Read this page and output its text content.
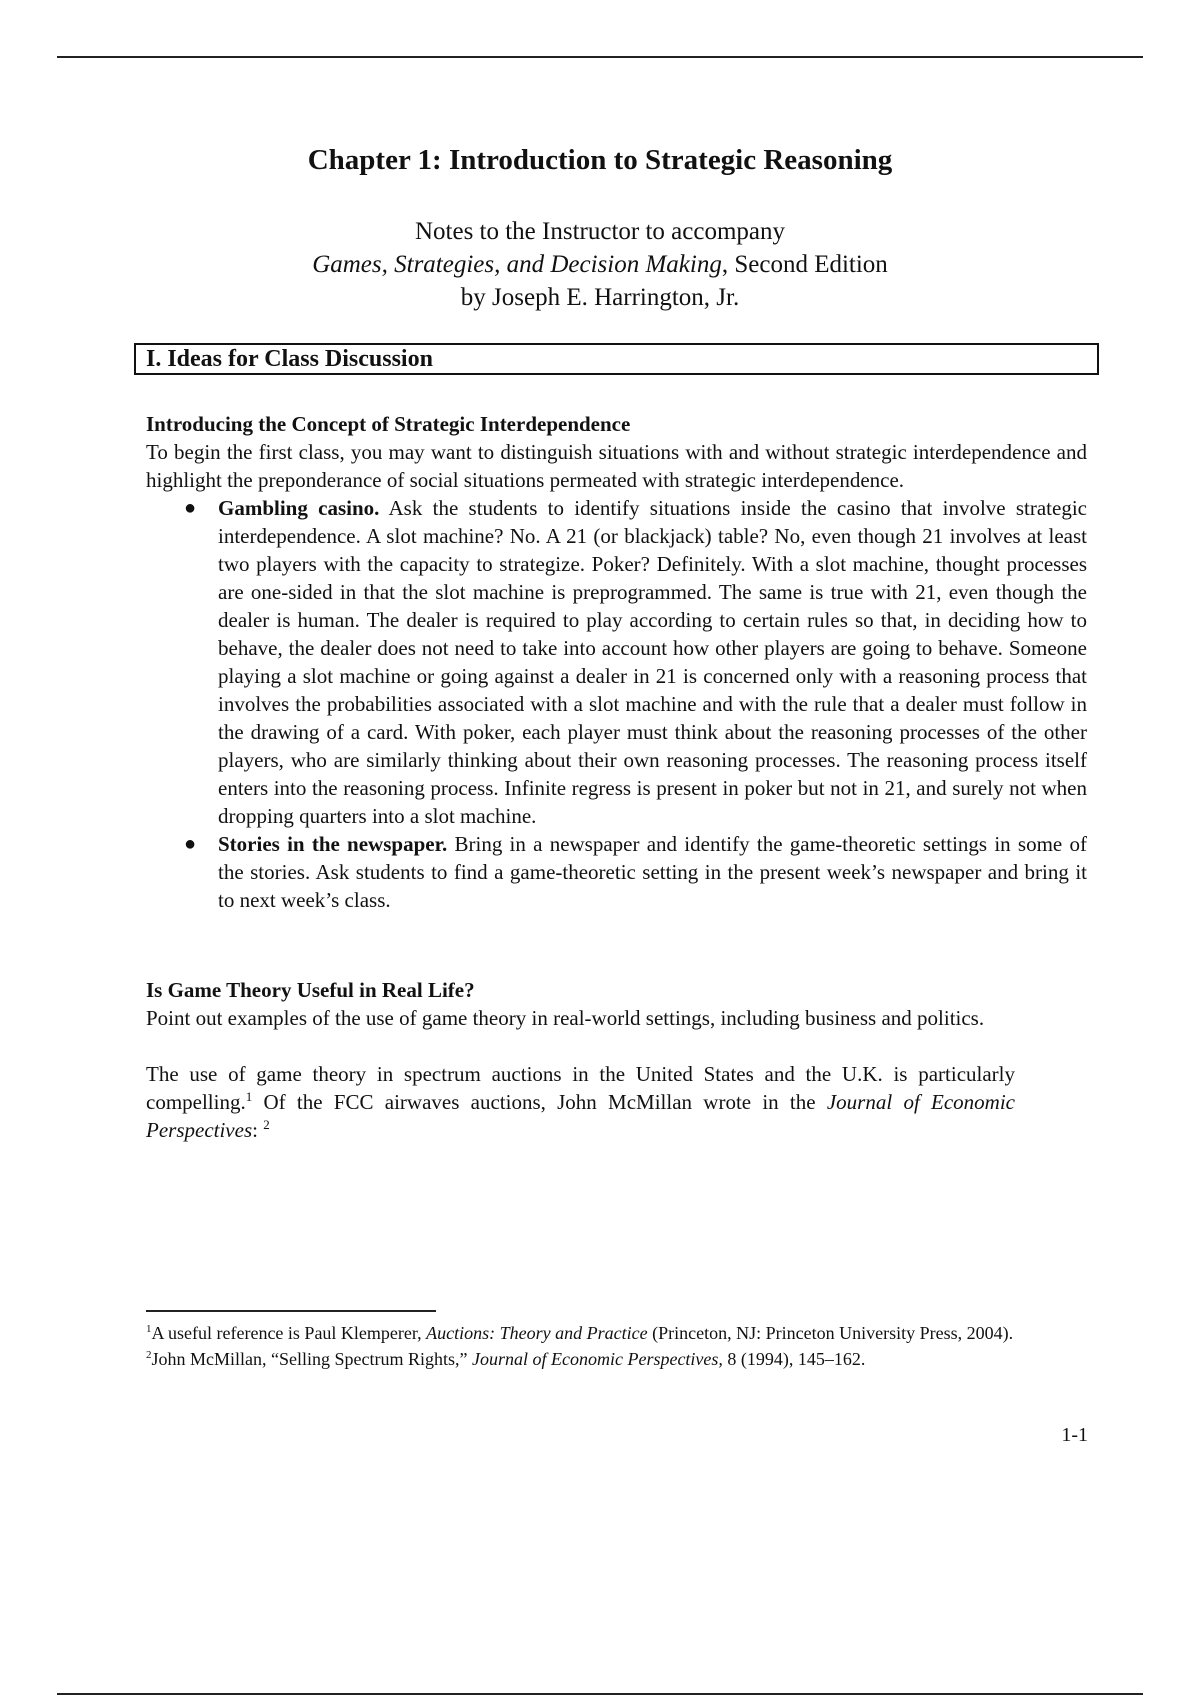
Chapter 1: Introduction to Strategic Reasoning
Notes to the Instructor to accompany
Games, Strategies, and Decision Making, Second Edition
by Joseph E. Harrington, Jr.
I. Ideas for Class Discussion
Introducing the Concept of Strategic Interdependence

To begin the first class, you may want to distinguish situations with and without strategic interdependence and highlight the preponderance of social situations permeated with strategic interdependence.

● Gambling casino. Ask the students to identify situations inside the casino that involve strategic interdependence. A slot machine? No. A 21 (or blackjack) table? No, even though 21 involves at least two players with the capacity to strategize. Poker? Definitely. With a slot machine, thought processes are one-sided in that the slot machine is preprogrammed. The same is true with 21, even though the dealer is human. The dealer is required to play according to certain rules so that, in deciding how to behave, the dealer does not need to take into account how other players are going to behave. Someone playing a slot machine or going against a dealer in 21 is concerned only with a reasoning process that involves the probabilities associated with a slot machine and with the rule that a dealer must follow in the drawing of a card. With poker, each player must think about the reasoning processes of the other players, who are similarly thinking about their own reasoning processes. The reasoning process itself enters into the reasoning process. Infinite regress is present in poker but not in 21, and surely not when dropping quarters into a slot machine.
● Stories in the newspaper. Bring in a newspaper and identify the game-theoretic settings in some of the stories. Ask students to find a game-theoretic setting in the present week’s newspaper and bring it to next week’s class.
Is Game Theory Useful in Real Life?

Point out examples of the use of game theory in real-world settings, including business and politics.

The use of game theory in spectrum auctions in the United States and the U.K. is particularly compelling.$^1$ Of the FCC airwaves auctions, John McMillan wrote in the Journal of Economic Perspectives: $^2$

$^1$A useful reference is Paul Klemperer, Auctions: Theory and Practice (Princeton, NJ: Princeton University Press, 2004).

$^2$John McMillan, “Selling Spectrum Rights,” Journal of Economic Perspectives, 8 (1994), 145–162.

1-1
